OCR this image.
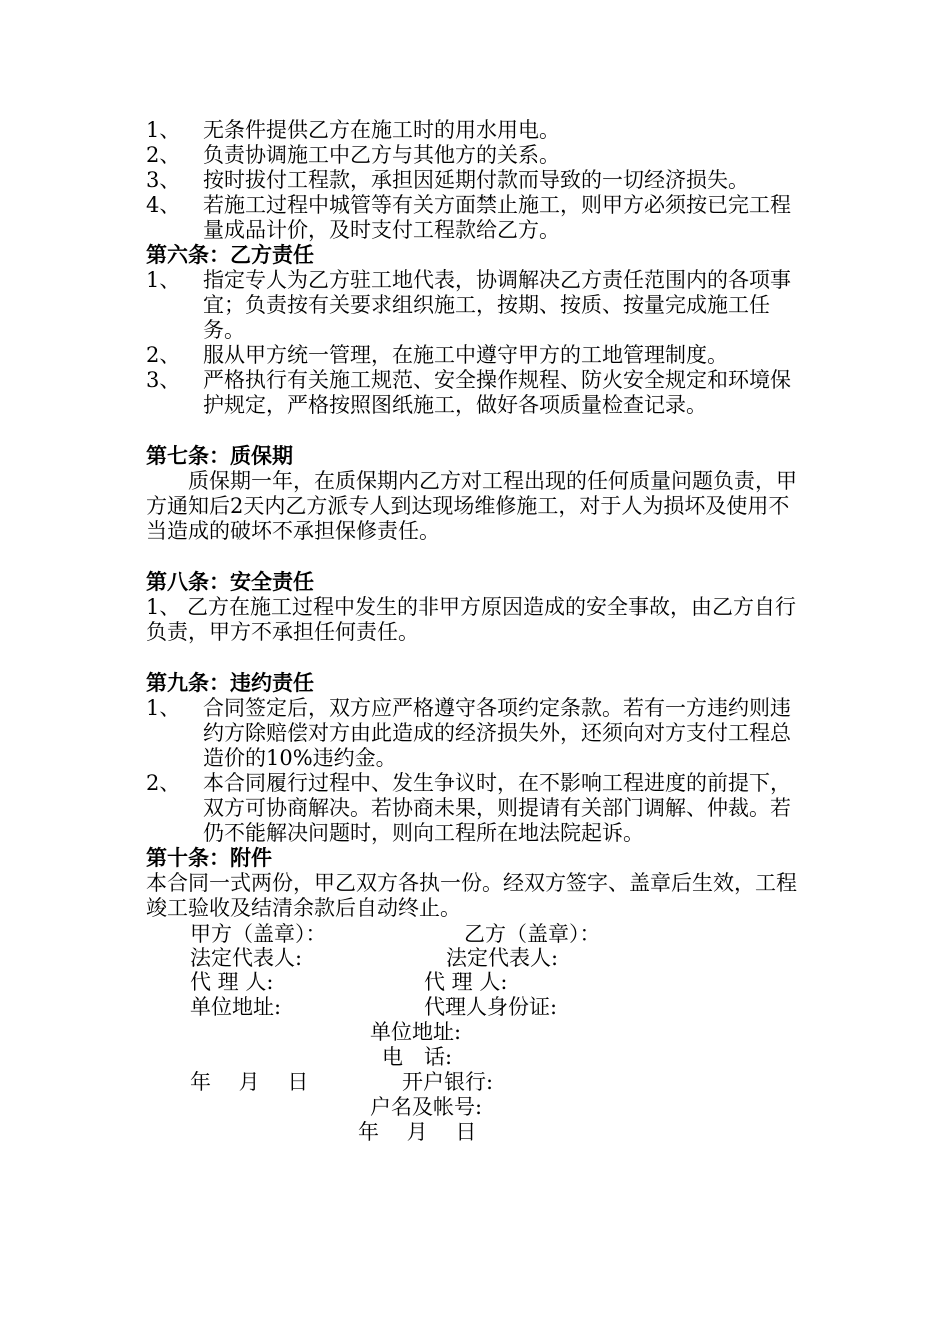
1、	无条件提供乙方在施工时的用水用电。
2、	负责协调施工中乙方与其他方的关系。
3、	按时拔付工程款，承担因延期付款而导致的一切经济损失。
4、	若施工过程中城管等有关方面禁止施工，则甲方必须按已完工程量成品计价，及时支付工程款给乙方。
第六条：乙方责任
1、	指定专人为乙方驻工地代表，协调解决乙方责任范围内的各项事宜；负责按有关要求组织施工，按期、按质、按量完成施工任务。
2、	服从甲方统一管理，在施工中遵守甲方的工地管理制度。
3、	严格执行有关施工规范、安全操作规程、防火安全规定和环境保护规定，严格按照图纸施工，做好各项质量检查记录。
第七条：质保期

质保期一年，在质保期内乙方对工程出现的任何质量问题负责，甲方通知后2天内乙方派专人到达现场维修施工，对于人为损坏及使用不当造成的破坏不承担保修责任。

第八条：安全责任

1、 乙方在施工过程中发生的非甲方原因造成的安全事故，由乙方自行负责，甲方不承担任何责任。

第九条：违约责任
1、	合同签定后，双方应严格遵守各项约定条款。若有一方违约则违约方除赔偿对方由此造成的经济损失外，还须向对方支付工程总造价的10%违约金。
2、	本合同履行过程中、发生争议时，在不影响工程进度的前提下，双方可协商解决。若协商未果，则提请有关部门调解、仲裁。若仍不能解决问题时，则向工程所在地法院起诉。
第十条：附件

本合同一式两份，甲乙双方各执一份。经双方签字、盖章后生效，工程竣工验收及结清余款后自动终止。

甲方（盖章）：	乙方（盖章）：
法定代表人:	法定代表人:
代 理 人:	代 理 人:
单位地址:	代理人身份证:
单位地址:
电　话:
年　 月　 日	开户银行:
户名及帐号:
年　 月　 日
